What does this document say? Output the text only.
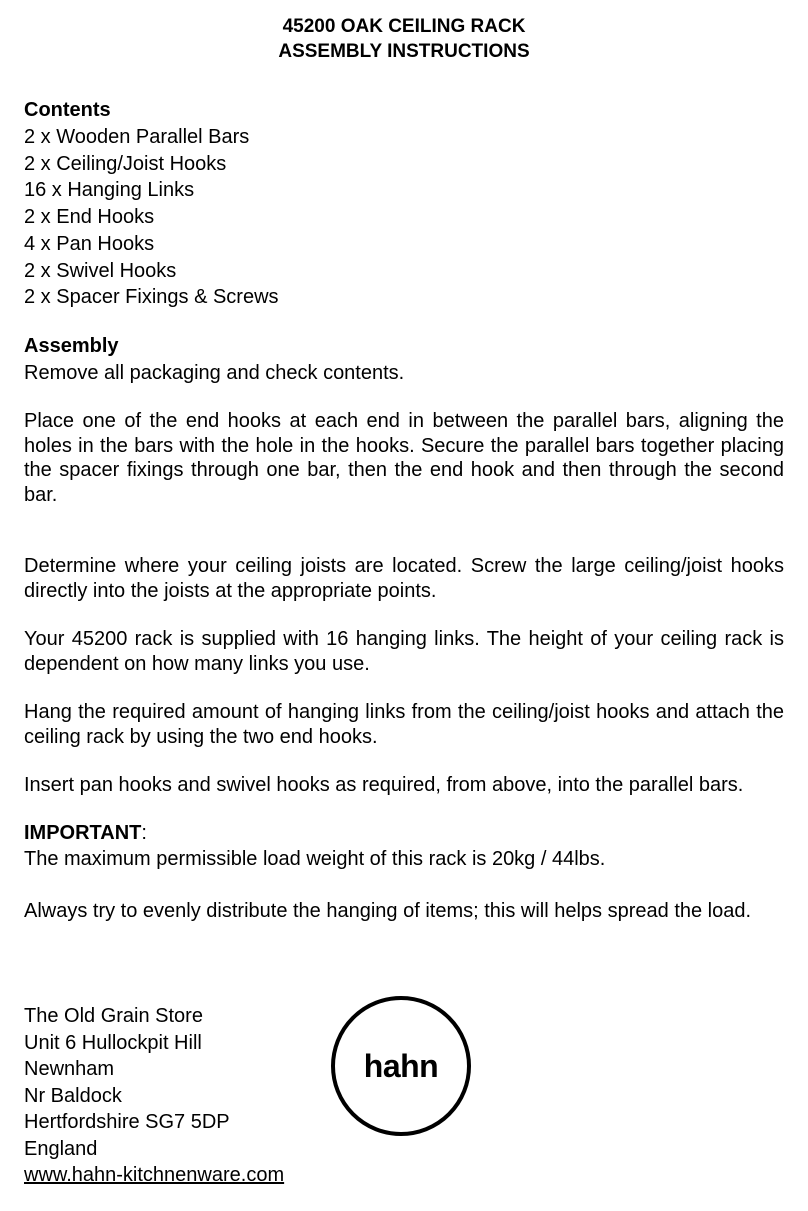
45200 OAK CEILING RACK
ASSEMBLY INSTRUCTIONS
Contents
2 x Wooden Parallel Bars
2 x Ceiling/Joist Hooks
16 x Hanging Links
2 x End Hooks
4 x Pan Hooks
2 x Swivel Hooks
2 x Spacer Fixings & Screws
Assembly
Remove all packaging and check contents.

Place one of the end hooks at each end in between the parallel bars, aligning the holes in the bars with the hole in the hooks. Secure the parallel bars together placing the spacer fixings through one bar, then the end hook and then through the second bar.

Determine where your ceiling joists are located. Screw the large ceiling/joist hooks directly into the joists at the appropriate points.

Your 45200 rack is supplied with 16 hanging links. The height of your ceiling rack is dependent on how many links you use.

Hang the required amount of hanging links from the ceiling/joist hooks and attach the ceiling rack by using the two end hooks.

Insert pan hooks and swivel hooks as required, from above, into the parallel bars.

IMPORTANT:
The maximum permissible load weight of this rack is 20kg / 44lbs.
Always try to evenly distribute the hanging of items; this will helps spread the load.
The Old Grain Store
Unit 6 Hullockpit Hill
Newnham
Nr Baldock
Hertfordshire SG7 5DP
England
www.hahn-kitchnenware.com
hahn
